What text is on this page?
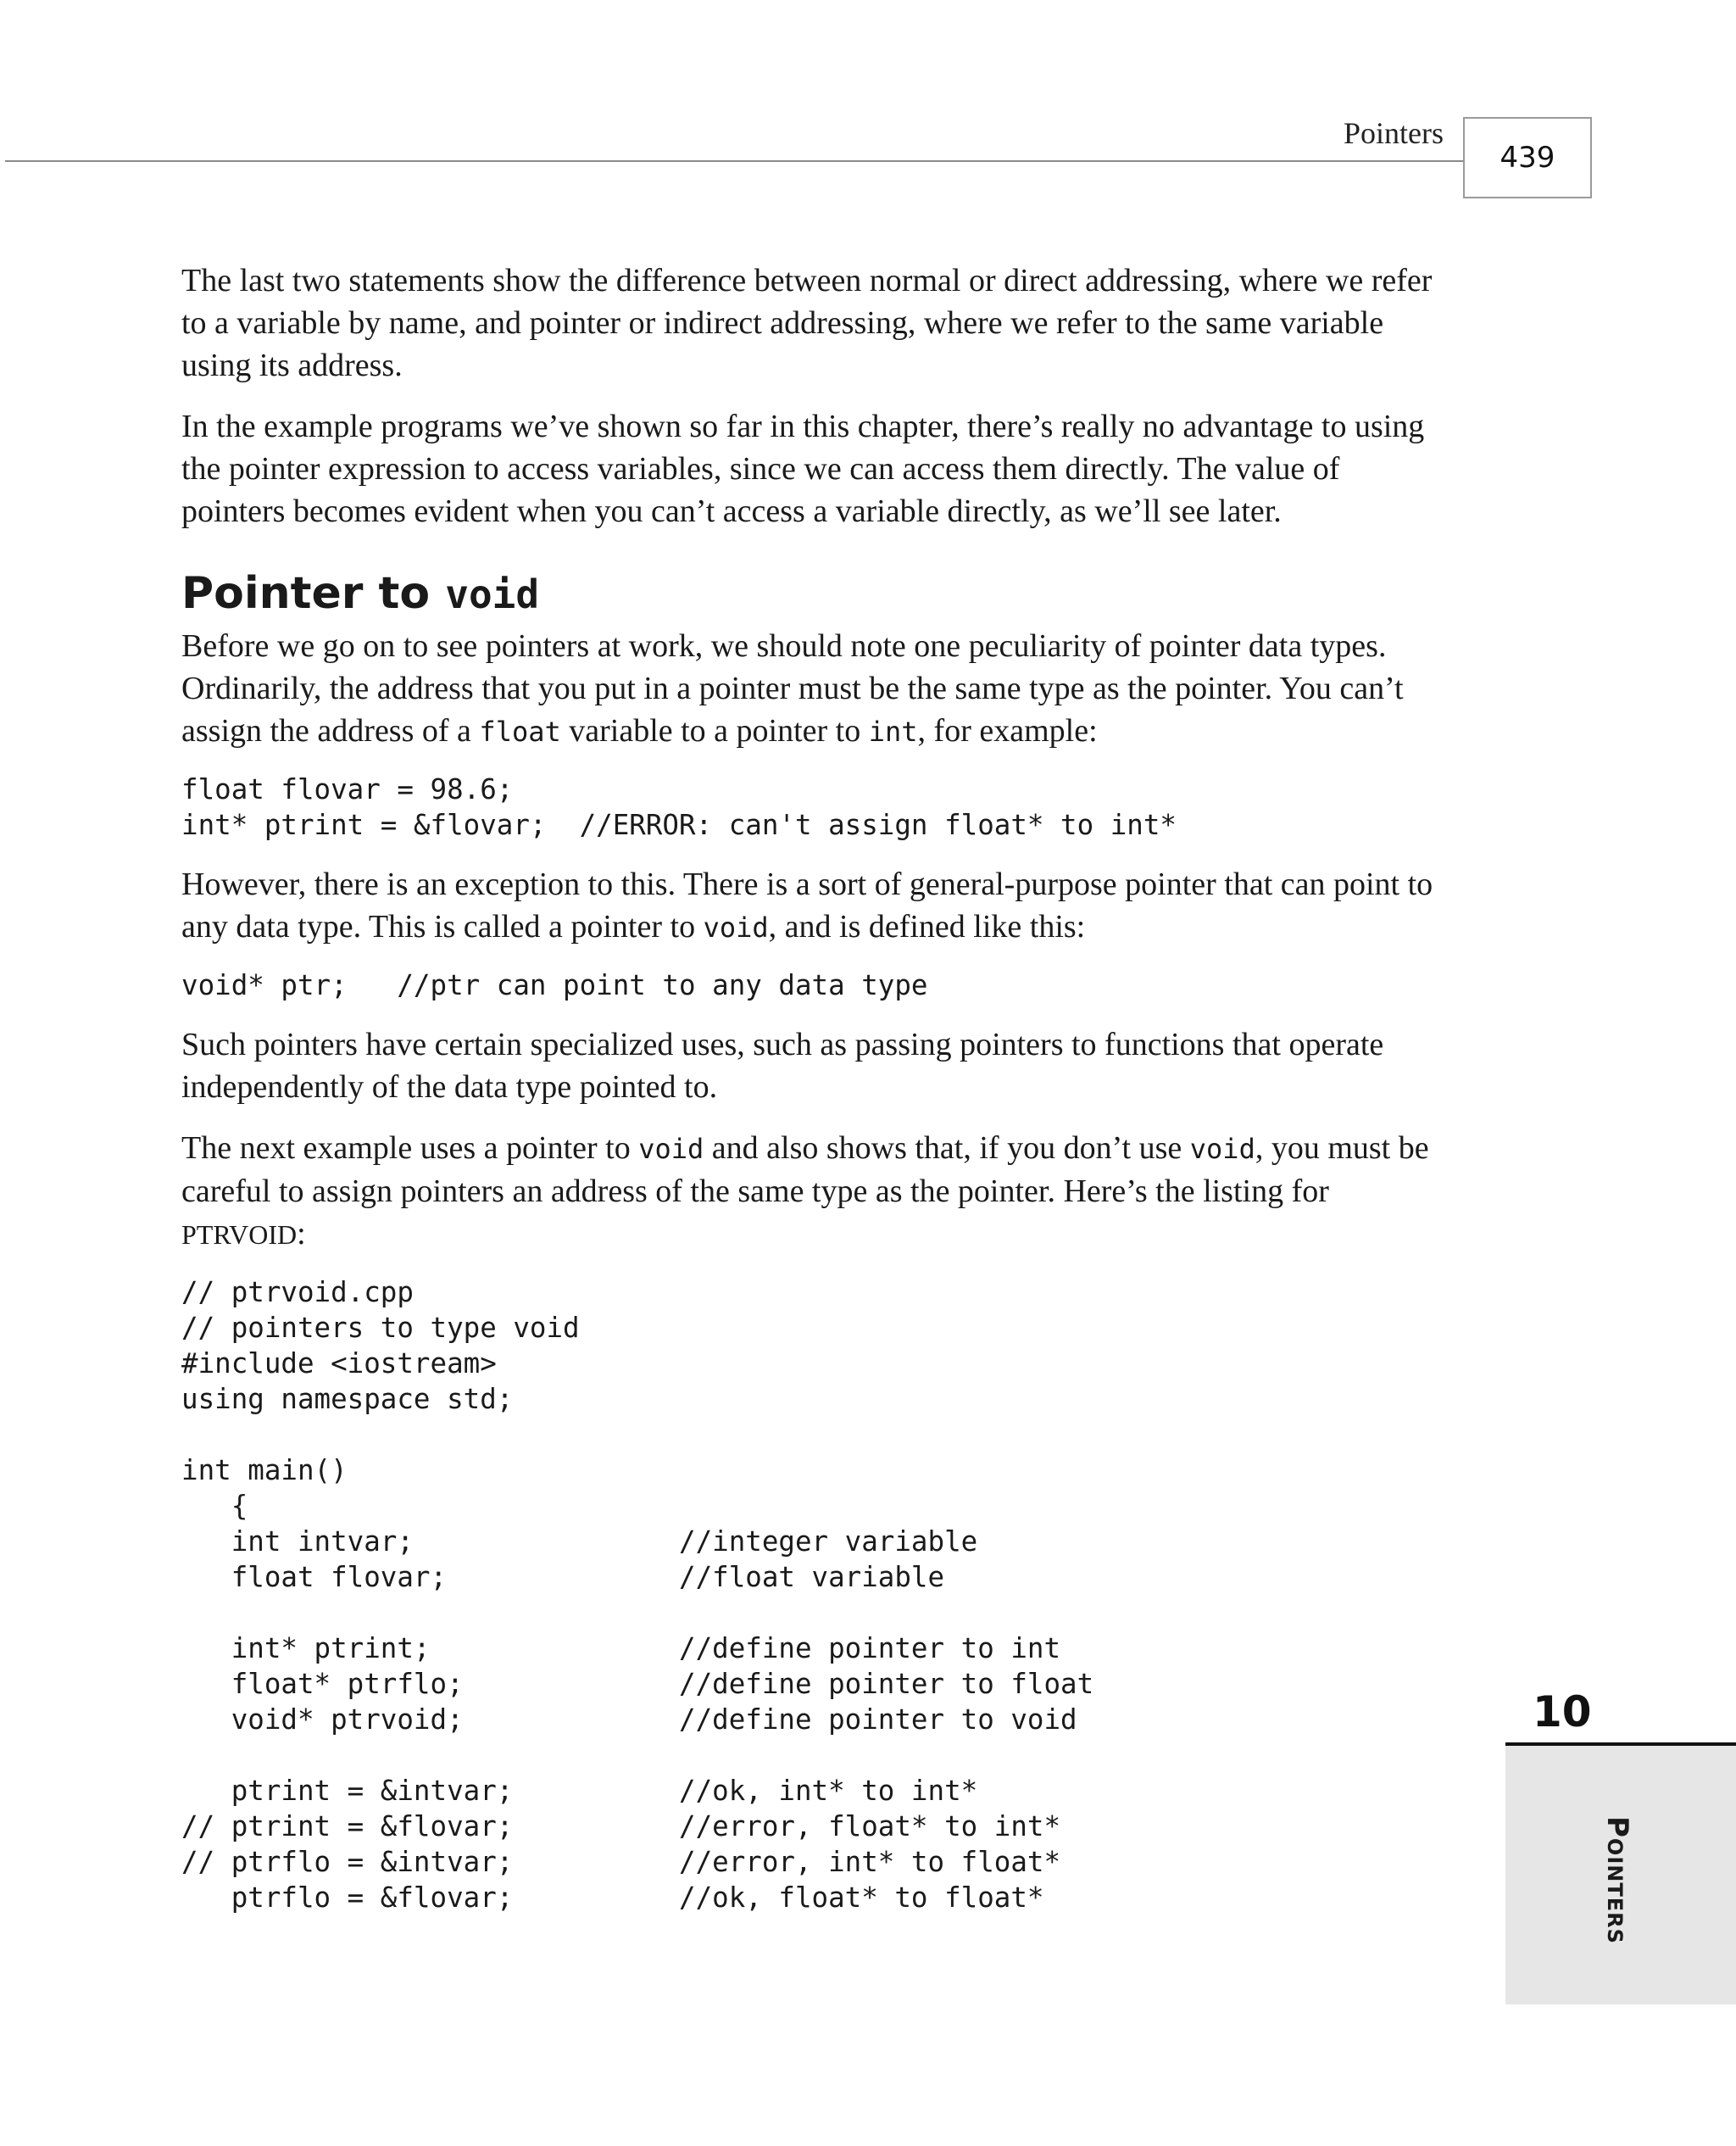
Pointers
439

The last two statements show the difference between normal or direct addressing, where we refer to a variable by name, and pointer or indirect addressing, where we refer to the same variable using its address.

In the example programs we’ve shown so far in this chapter, there’s really no advantage to using the pointer expression to access variables, since we can access them directly. The value of pointers becomes evident when you can’t access a variable directly, as we’ll see later.

Pointer to void

Before we go on to see pointers at work, we should note one peculiarity of pointer data types. Ordinarily, the address that you put in a pointer must be the same type as the pointer. You can’t assign the address of a float variable to a pointer to int, for example:

float flovar = 98.6;
int* ptrint = &flovar;  //ERROR: can't assign float* to int*

However, there is an exception to this. There is a sort of general-purpose pointer that can point to any data type. This is called a pointer to void, and is defined like this:

void* ptr;   //ptr can point to any data type

Such pointers have certain specialized uses, such as passing pointers to functions that operate independently of the data type pointed to.

The next example uses a pointer to void and also shows that, if you don’t use void, you must be careful to assign pointers an address of the same type as the pointer. Here’s the listing for PTRVOID:

// ptrvoid.cpp
// pointers to type void
#include <iostream>
using namespace std;

int main()
{
int intvar;                //integer variable
float flovar;              //float variable

int* ptrint;               //define pointer to int
float* ptrflo;             //define pointer to float
void* ptrvoid;             //define pointer to void

ptrint = &intvar;          //ok, int* to int*
// ptrint = &flovar;          //error, float* to int*
// ptrflo = &intvar;          //error, int* to float*
ptrflo = &flovar;          //ok, float* to float*
10
Pointers
